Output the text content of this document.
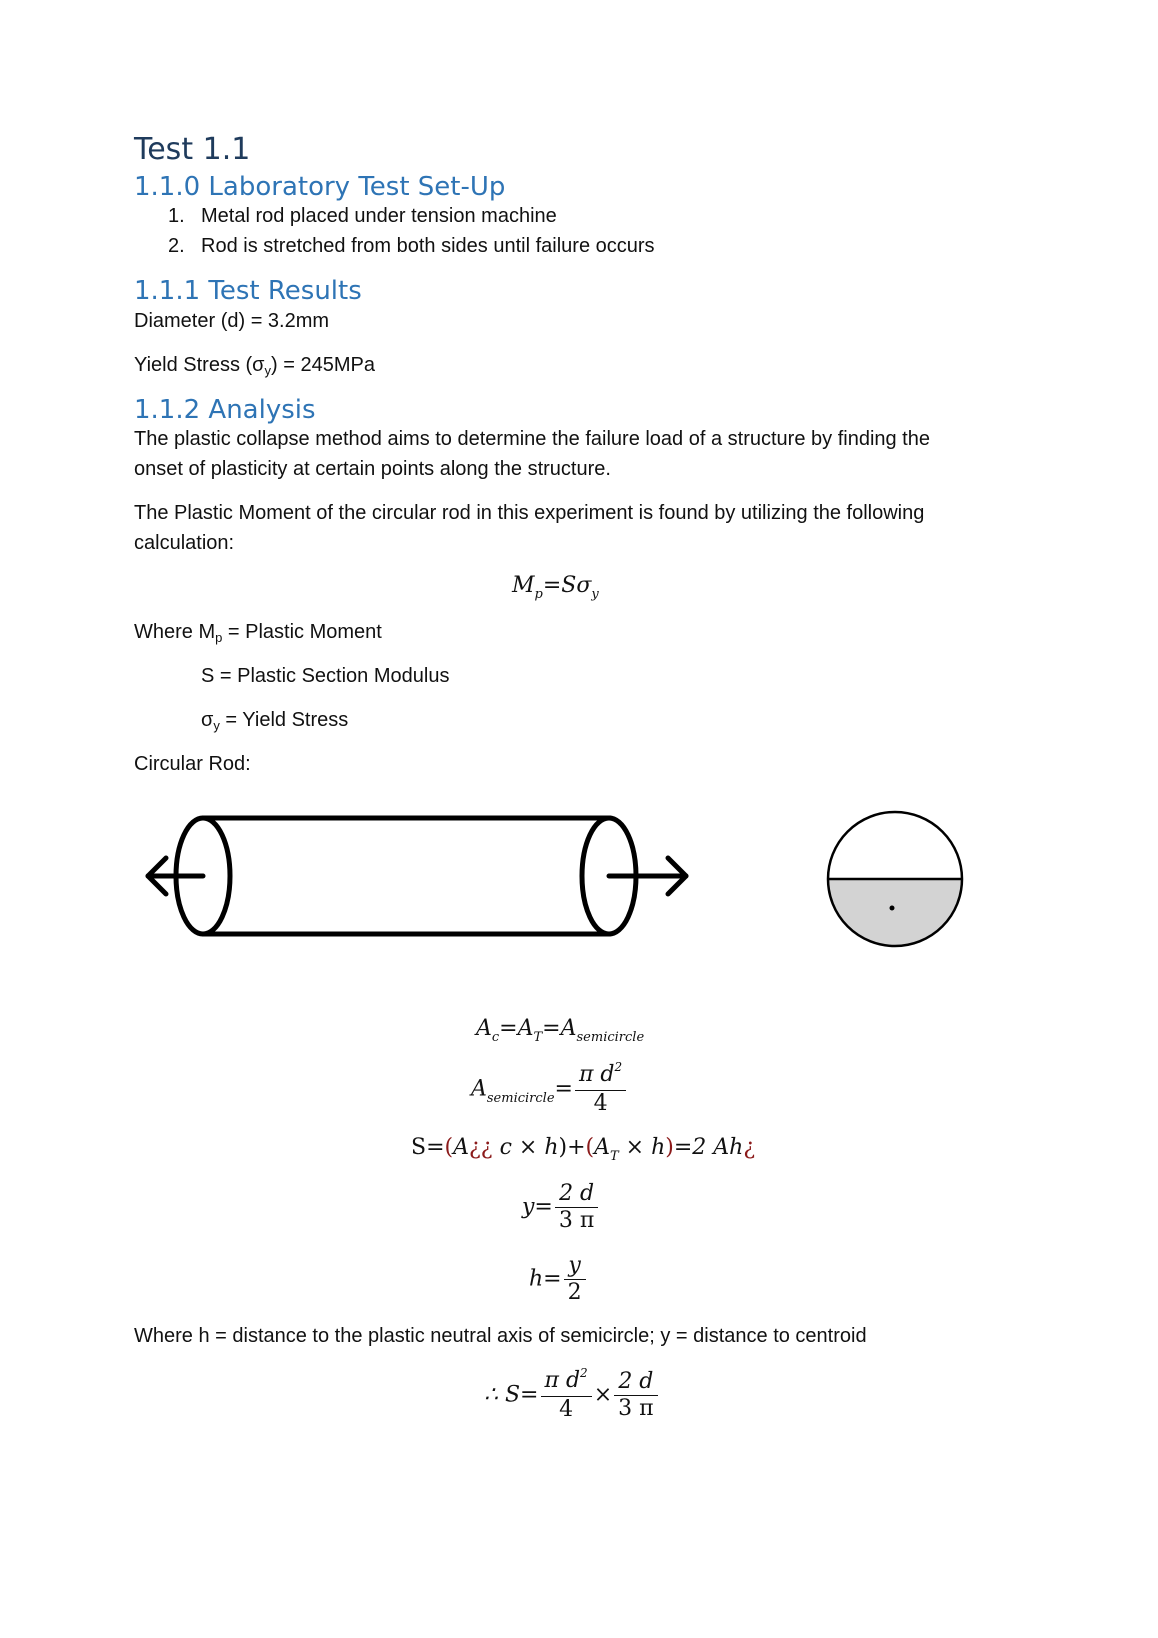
Test 1.1
1.1.0 Laboratory Test Set-Up
1. Metal rod placed under tension machine
2. Rod is stretched from both sides until failure occurs
1.1.1 Test Results
Diameter (d) = 3.2mm
Yield Stress $(\sigma_y) = 245MPa$
1.1.2 Analysis
The plastic collapse method aims to determine the failure load of a structure by finding the
onset of plasticity at certain points along the structure.
The Plastic Moment of the circular rod in this experiment is found by utilizing the following
calculation:
$M_p=S\sigma_y$
Where $M_p$ = Plastic Moment
S = Plastic Section Modulus
$\sigma_y$ = Yield Stress
Circular Rod:
$A_c=A_T=A_{semicircle}$
$A_{semicircle}= \frac{\pi d^2}{4}$
S=(A¿¿ $c \times h)+(A_T \times h)=2$ Ah¿
$y= \frac{2 d}{3 \pi}$
$h= \frac{y}{2}$
Where h = distance to the plastic neutral axis of semicircle; y = distance to centroid
∴ $S= \frac{\pi d^2}{4} \times \frac{2 d}{3 \pi}$
